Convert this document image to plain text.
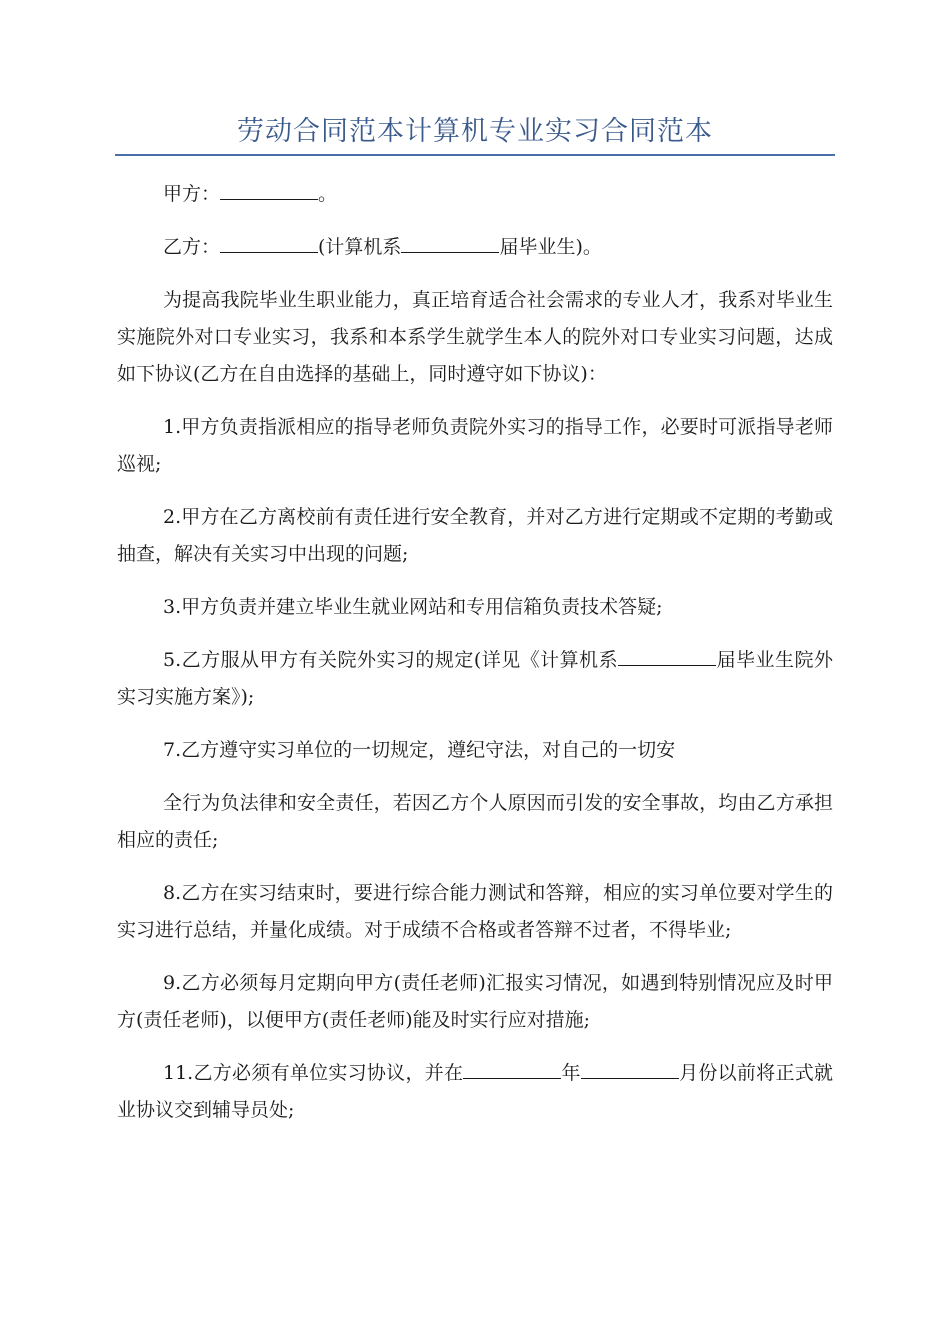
劳动合同范本计算机专业实习合同范本

甲方：	。

乙方：	(计算机系	届毕业生)。

为提高我院毕业生职业能力，真正培育适合社会需求的专业人才，我系对毕业生实施院外对口专业实习，我系和本系学生就学生本人的院外对口专业实习问题，达成如下协议(乙方在自由选择的基础上，同时遵守如下协议)：

1.甲方负责指派相应的指导老师负责院外实习的指导工作，必要时可派指导老师巡视;

2.甲方在乙方离校前有责任进行安全教育，并对乙方进行定期或不定期的考勤或抽查，解决有关实习中出现的问题;

3.甲方负责并建立毕业生就业网站和专用信箱负责技术答疑;

5.乙方服从甲方有关院外实习的规定(详见《计算机系	届毕业生院外实习实施方案》);

7.乙方遵守实习单位的一切规定，遵纪守法，对自己的一切安

全行为负法律和安全责任，若因乙方个人原因而引发的安全事故，均由乙方承担相应的责任;

8.乙方在实习结束时，要进行综合能力测试和答辩，相应的实习单位要对学生的实习进行总结，并量化成绩。对于成绩不合格或者答辩不过者，不得毕业;

9.乙方必须每月定期向甲方(责任老师)汇报实习情况，如遇到特别情况应及时甲方(责任老师)，以便甲方(责任老师)能及时实行应对措施;

11.乙方必须有单位实习协议，并在	年	月份以前将正式就业协议交到辅导员处;
